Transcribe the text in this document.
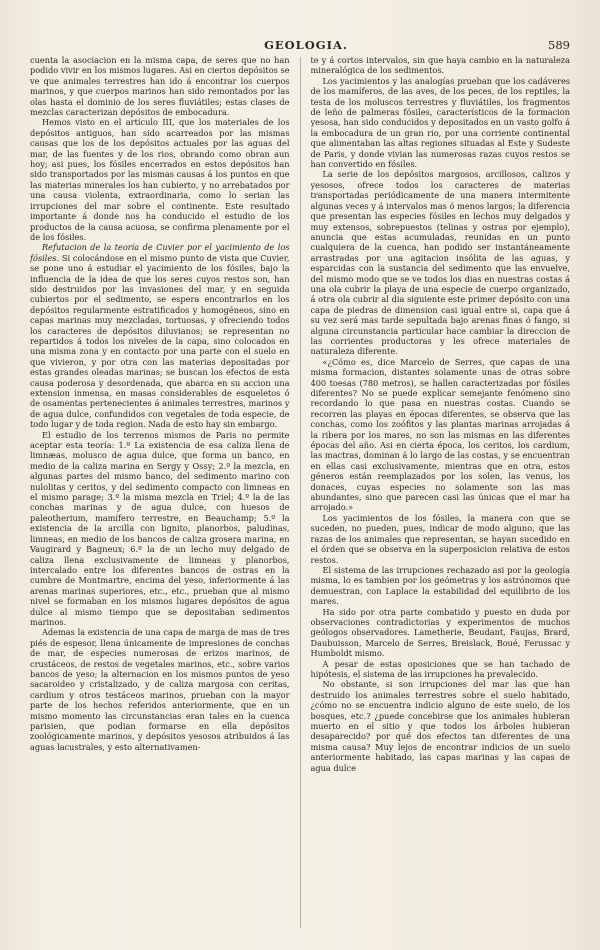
GEOLOGIA.	589

cuenta la asociacion en la misma capa, de seres que no han podido vivir en los mismos lugares. Asi en ciertos depósitos se ve que animales terrestres han ido á encontrar los cuerpos marinos, y que cuerpos marinos han sido remontados por las olas hasta el dominio de los seres fluviátiles; estas clases de mezclas caracterizan depósitos de embocadura.

Hemos visto en el artículo III, que los materiales de los depósitos antiguos, han sido acarreados por las mismas causas que los de los depósitos actuales por las aguas del mar, de las fuentes y de los rios, obrando como obran aun hoy; asi pues, los fósiles encerrados en estos depósitos han sido transportados por las mismas causas á los puntos en que las materias minerales los han cubierto, y no arrebatados por una causa violenta, extraordinaria, como lo serian las irrupciones del mar sobre el continente. Este resultado importante á donde nos ha conducido el estudio de los productos de la causa acuosa, se confirma plenamente por el de los fósiles.

Refutacion de la teoría de Cuvier por el yacimiento de los fósiles. Si colocándose en el mismo punto de vista que Cuvier, se pone uno á estudiar el yacimiento de los fósiles, bajo la influencia de la idea de que los seres cuyos restos son, han sido destruidos por las invasiones del mar, y en seguida cubiertos por el sedimento, se espera encontrarlos en los depósitos regularmente estratificados y homogéneos, sino en capas marinas muy mezcladas, tortuosas, y ofreciendo todos los caracteres de depósitos diluvianos; se representan no repartidos á todos los niveles de la capa, sino colocados en una misma zona y en contacto por una parte con el suelo en que vivieron, y por otra con las materias depositadas por estas grandes oleadas marinas; se buscan los efectos de esta causa poderosa y desordenada, que abarca en su accion una extension inmensa, en masas considerables de esqueletos ó de osamentas pertenecientes á animales terrestres, marinos y de agua dulce, confundidos con vegetales de toda especie, de todo lugar y de toda region. Nada de esto hay sin embargo.

El estudio de los terrenos mismos de Paris no permite aceptar esta teoría: 1.º La existencia de esa caliza llena de limnæas, molusco de agua dulce, que forma un banco, en medio de la caliza marina en Sergy y Ossy; 2.º la mezcla, en algunas partes del mismo banco, del sedimento marino con nulolitas y ceritos, y del sedimento compacto con limneas en el mismo parage; 3.º la misma mezcla en Triel; 4.º la de las conchas marinas y de agua dulce, con huesos de paleotherium, mamífero terrestre, en Beauchamp; 5.º la existencia de la arcilla con lignito, planorbos, paludinas, limneas, en medio de los bancos de caliza grosera marina, en Vaugirard y Bagneux; 6.º la de un lecho muy delgado de caliza llena exclusivamente de limneas y planorbos, intercalado entre los diferentes bancos de ostras en la cumbre de Montmartre, encima del yeso, inferiormente á las arenas marinas superiores, etc., etc., prueban que al mismo nivel se formaban en los mismos lugares depósitos de agua dulce al mismo tiempo que se depositaban sedimentos marinos.

Ademas la existencia de una capa de marga de mas de tres piés de espesor, llena únicamente de impresiones de conchas de mar, de especies numerosas de erizos marinos, de crustáceos, de restos de vegetales marinos, etc., sobre varios bancos de yeso; la alternacion en los mismos puntos de yeso sacaroideo y cristalizado, y de caliza margosa con ceritas, cardium y otros testáceos marinos, prueban con la mayor parte de los hechos referidos anteriormente, que en un mismo momento las circunstancias eran tales en la cuenca parisien, que podian formarse en ella depósitos zoológicamente marinos, y depósitos yesosos atribuidos á las aguas lacustrales, y esto alternativamen-

te y á cortos intervalos, sin que haya cambio en la naturaleza mineralógica de los sedimentos.

Los yacimientos y las analogías prueban que los cadáveres de los mamíferos, de las aves, de los peces, de los reptiles, la testa de los moluscos terrestres y fluviátiles, los fragmentos de leño de palmeras fósiles, característicos de la formacion yesosa, han sido conducidos y depositados en un vasto golfo á la embocadura de un gran rio, por una corriente continental que alimentaban las altas regiones situadas al Este y Sudeste de Paris, y donde vivian las numerosas razas cuyos restos se han convertido en fósiles.

La serie de los depósitos margosos, arcillosos, calizos y yesosos, ofrece todos los caracteres de materias transportadas periódicamente de una manera intermitente algunas veces y á intervalos mas ó menos largos; la diferencia que presentan las especies fósiles en lechos muy delgados y muy extensos, sobrepuestos (telinas y ostras por ejemplo), anuncia que estas acumuladas, reunidas en un punto cualquiera de la cuenca, han podido ser instantáneamente arrastradas por una agitacion insólita de las aguas, y esparcidas con la sustancia del sedimento que las envuelve, del mismo modo que se ve todos los dias en nuestras costas á una ola cubrir la playa de una especie de cuerpo organizado, á otra ola cubrir al dia siguiente este primer depósito con una capa de piedras de dimension casi igual entre si, capa que á su vez será mas tarde sepultada bajo arenas finas ó fango, si alguna circunstancia particular hace cambiar la direccion de las corrientes productoras y les ofrece materiales de naturaleza diferente.

«¿Cómo es, dice Marcelo de Serres, que capas de una misma formacion, distantes solamente unas de otras sobre 400 toesas (780 metros), se hallen caracterizadas por fósiles diferentes? No se puede explicar semejante fenómeno sino recordando lo que pasa en nuestras costas. Cuando se recorren las playas en épocas diferentes, se observa que las conchas, como los zoófitos y las plantas marinas arrojadas á la ribera por los mares, no son las mismas en las diferentes épocas del año. Asi en cierta época, los ceritos, los cardium, las mactras, dominan á lo largo de las costas, y se encuentran en ellas casi exclusivamente, mientras que en otra, estos géneros están reemplazados por los solen, las venus, los donaces, cuyas especies no solamente son las mas abundantes, sino que parecen casi las únicas que el mar ha arrojado.»

Los yacimientos de los fósiles, la manera con que se suceden, no pueden, pues, indicar de modo alguno, que las razas de los animales que representan, se hayan sucedido en el órden que se observa en la superposicion relativa de estos restos.

El sistema de las irrupciones rechazado asi por la geología misma, lo es tambien por los geómetras y los astrónomos que demuestran, con Laplace la estabilidad del equilibrio de los mares.

Ha sido por otra parte combatido y puesto en duda por observaciones contradictorias y experimentos de muchos geólogos observadores. Lametherie, Beudant, Faujas, Brard, Daubuisson, Marcelo de Serres, Breislack, Boué, Ferussac y Humboldt mismo.

A pesar de estas oposiciones que se han tachado de hipótesis, el sistema de las irrupciones ha prevalecido.

No obstante, si son irrupciones del mar las que han destruido los animales terrestres sobre el suelo habitado, ¿cómo no se encuentra indicio alguno de este suelo, de los bosques, etc.? ¿puede concebirse que los animales hubieran muerto en el sitio y que todos los árboles hubieran desaparecido? por qué dos efectos tan diferentes de una misma causa? Muy lejos de encontrar indicios de un suelo anteriormente habitado, las capas marinas y las capas de agua dulce
